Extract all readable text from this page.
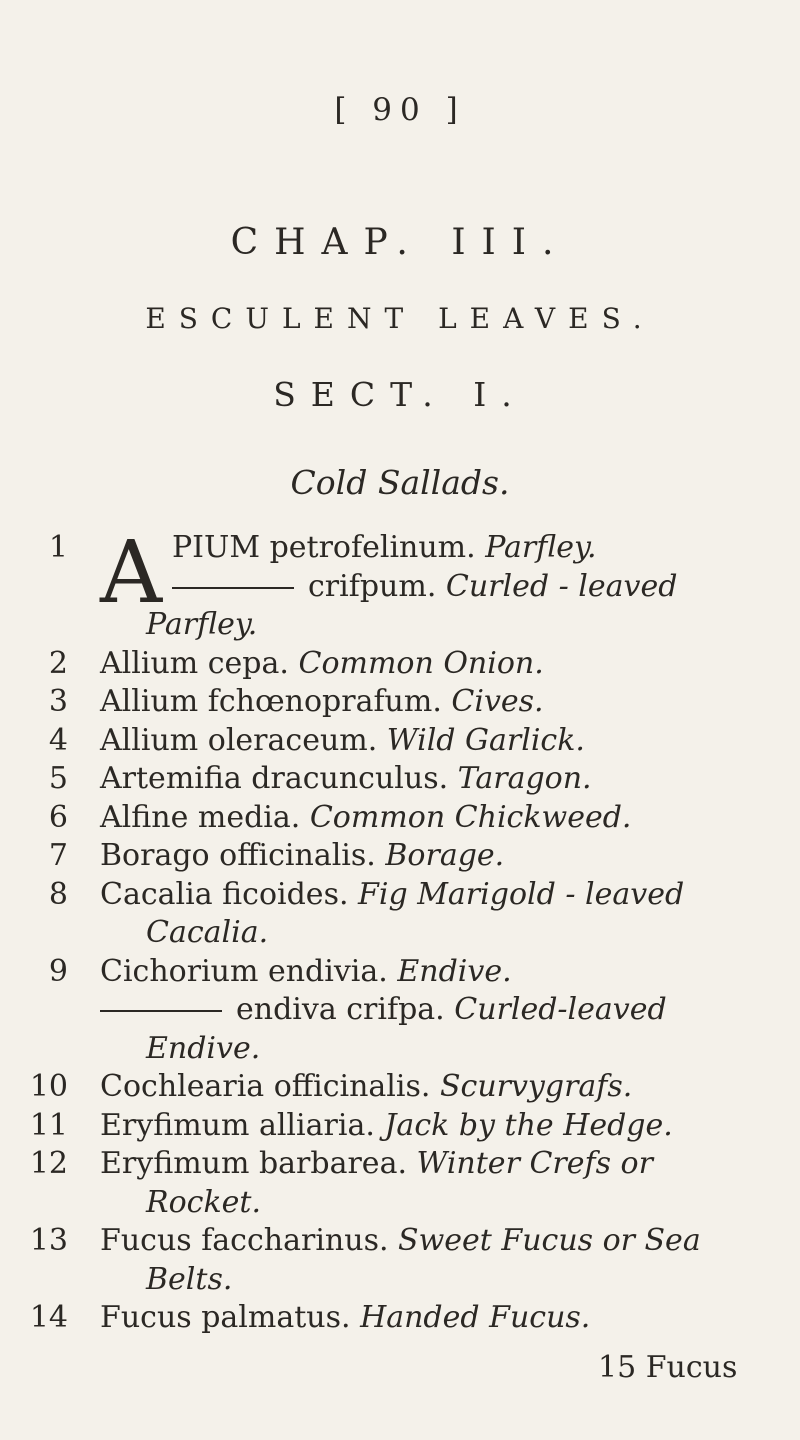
[ 90 ]
CHAP. III.
ESCULENT LEAVES.
SECT. I.
Cold Sallads.
1 A PIUM petrofelinum. Parfley.
crifpum. Curled - leaved
Parfley.
2 Allium cepa. Common Onion.
3 Allium fchœnoprafum. Cives.
4 Allium oleraceum. Wild Garlick.
5 Artemifia dracunculus. Taragon.
6 Alfine media. Common Chickweed.
7 Borago officinalis. Borage.
8 Cacalia ficoides. Fig Marigold - leaved
Cacalia.
9 Cichorium endivia. Endive.
endiva crifpa. Curled-leaved
Endive.
10 Cochlearia officinalis. Scurvygrafs.
11 Eryfimum alliaria. Jack by the Hedge.
12 Eryfimum barbarea. Winter Crefs or
Rocket.
13 Fucus faccharinus. Sweet Fucus or Sea
Belts.
14 Fucus palmatus. Handed Fucus.
15 Fucus
